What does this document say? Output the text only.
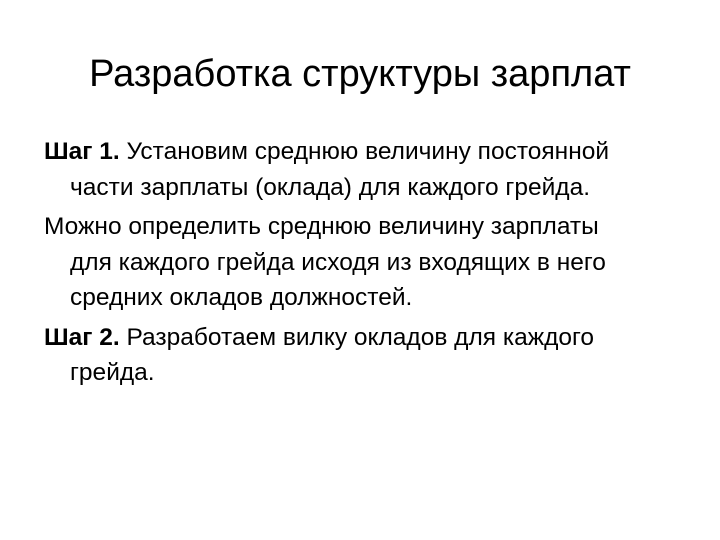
Разработка структуры зарплат

Шаг 1. Установим среднюю величину постоянной части зарплаты (оклада) для каждого грейда.

Можно определить среднюю величину зарплаты для каждого грейда исходя из входящих в него средних окладов должностей.

Шаг 2. Разработаем вилку окладов для каждого грейда.
